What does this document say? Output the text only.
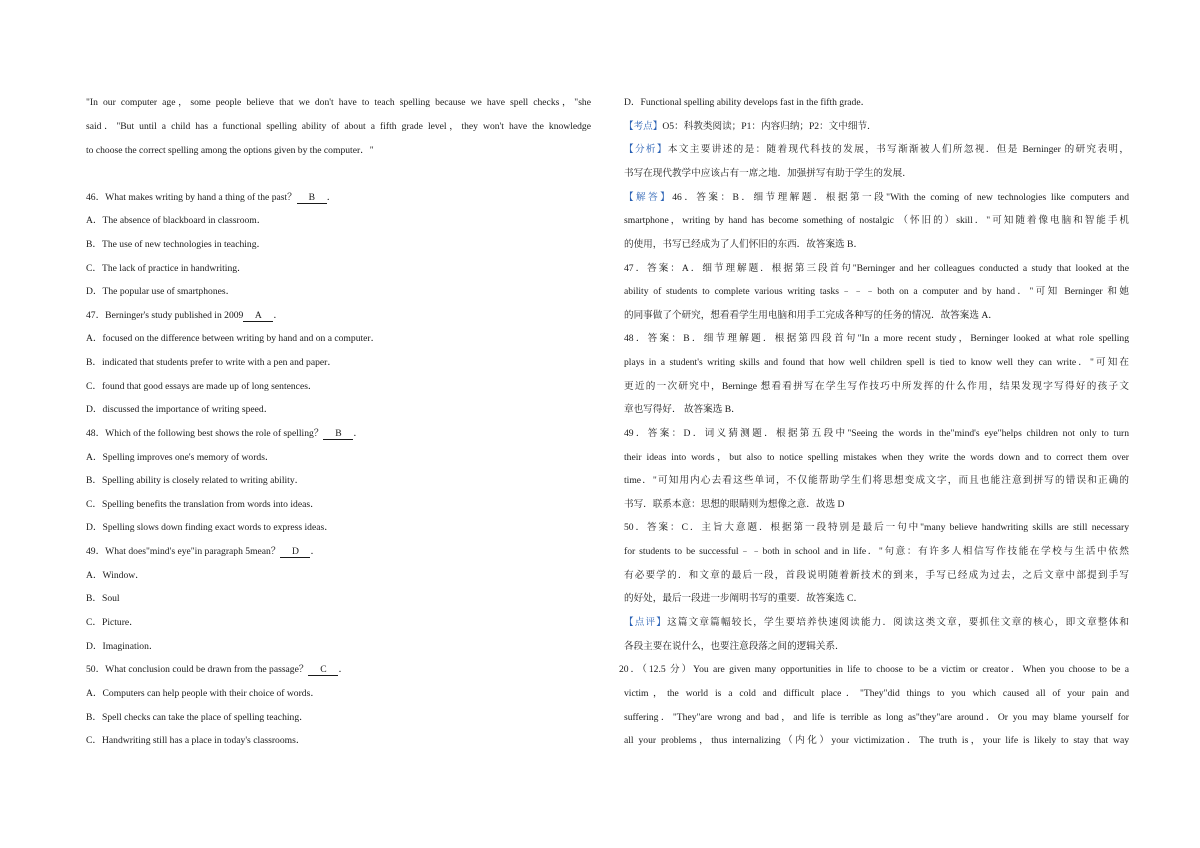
"In our computer age，some people believe that we don't have to teach spelling because we have spell checks，"she
said．"But until a child has a functional spelling ability of about a fifth grade level，they won't have the knowledge
to choose the correct spelling among the options given by the computer．"
46．What makes writing by hand a thing of the past？ B ．
A．The absence of blackboard in classroom．
B．The use of new technologies in teaching．
C．The lack of practice in handwriting．
D．The popular use of smartphones．
47．Berninger's study published in 2009 A ．
A．focused on the difference between writing by hand and on a computer．
B．indicated that students prefer to write with a pen and paper．
C．found that good essays are made up of long sentences．
D．discussed the importance of writing speed．
48．Which of the following best shows the role of spelling？ B ．
A．Spelling improves one's memory of words．
B．Spelling ability is closely related to writing ability．
C．Spelling benefits the translation from words into ideas．
D．Spelling slows down finding exact words to express ideas．
49．What does"mind's eye"in paragraph 5mean？ D ．
A．Window．
B．Soul
C．Picture．
D．Imagination．
50．What conclusion could be drawn from the passage？ C ．
A．Computers can help people with their choice of words．
B．Spell checks can take the place of spelling teaching．
C．Handwriting still has a place in today's classrooms．
D．Functional spelling ability develops fast in the fifth grade．
【考点】O5：科教类阅读；P1：内容归纳；P2：文中细节．
【分析】本文主要讲述的是：随着现代科技的发展，书写渐渐被人们所忽视．但是 Berninger 的研究表明，
书写在现代教学中应该占有一席之地．加强拼写有助于学生的发展．
【解答】46．答案：B．细节理解题．根据第一段"With the coming of new technologies like computers and
smartphone，writing by hand has become something of nostalgic （怀旧的）skill．"可知随着像电脑和智能手机
的使用，书写已经成为了人们怀旧的东西．故答案选 B．
47．答案：A．细节理解题．根据第三段首句"Berninger and her colleagues conducted a study that looked at the
ability of students to complete various writing tasks﹣﹣﹣both on a computer and by hand．"可知 Berninger 和她
的同事做了个研究，想看看学生用电脑和用手工完成各种写的任务的情况．故答案选 A．
48．答案：B．细节理解题．根据第四段首句"In a more recent study，Berninger looked at what role spelling
plays in a student's writing skills and found that how well children spell is tied to know well they can write．"可知在
更近的一次研究中，Berninge 想看看拼写在学生写作技巧中所发挥的什么作用，结果发现字写得好的孩子文
章也写得好． 故答案选 B．
49．答案：D．词义猜测题．根据第五段中"Seeing the words in the"mind's eye"helps children not only to turn
their ideas into words，but also to notice spelling mistakes when they write the words down and to correct them over
time．"可知用内心去看这些单词，不仅能帮助学生们将思想变成文字，而且也能注意到拼写的错误和正确的
书写．联系本意：思想的眼睛则为想像之意．故选 D
50．答案：C．主旨大意题．根据第一段特别是最后一句中"many believe handwriting skills are still necessary
for students to be successful﹣﹣both in school and in life．"句意：有许多人相信写作技能在学校与生活中依然
有必要学的．和文章的最后一段，首段说明随着新技术的到来，手写已经成为过去，之后文章中部提到手写
的好处，最后一段进一步阐明书写的重要．故答案选 C．
【点评】这篇文章篇幅较长，学生要培养快速阅读能力．阅读这类文章，要抓住文章的核心，即文章整体和
各段主要在说什么，也要注意段落之间的逻辑关系．
20．（12.5 分）You are given many opportunities in life to choose to be a victim or creator．When you choose to be a
victim，the world is a cold and difficult place．"They"did things to you which caused all of your pain and
suffering．"They"are wrong and bad，and life is terrible as long as"they"are around．Or you may blame yourself for
all your problems，thus internalizing（内化）your victimization．The truth is，your life is likely to stay that way
